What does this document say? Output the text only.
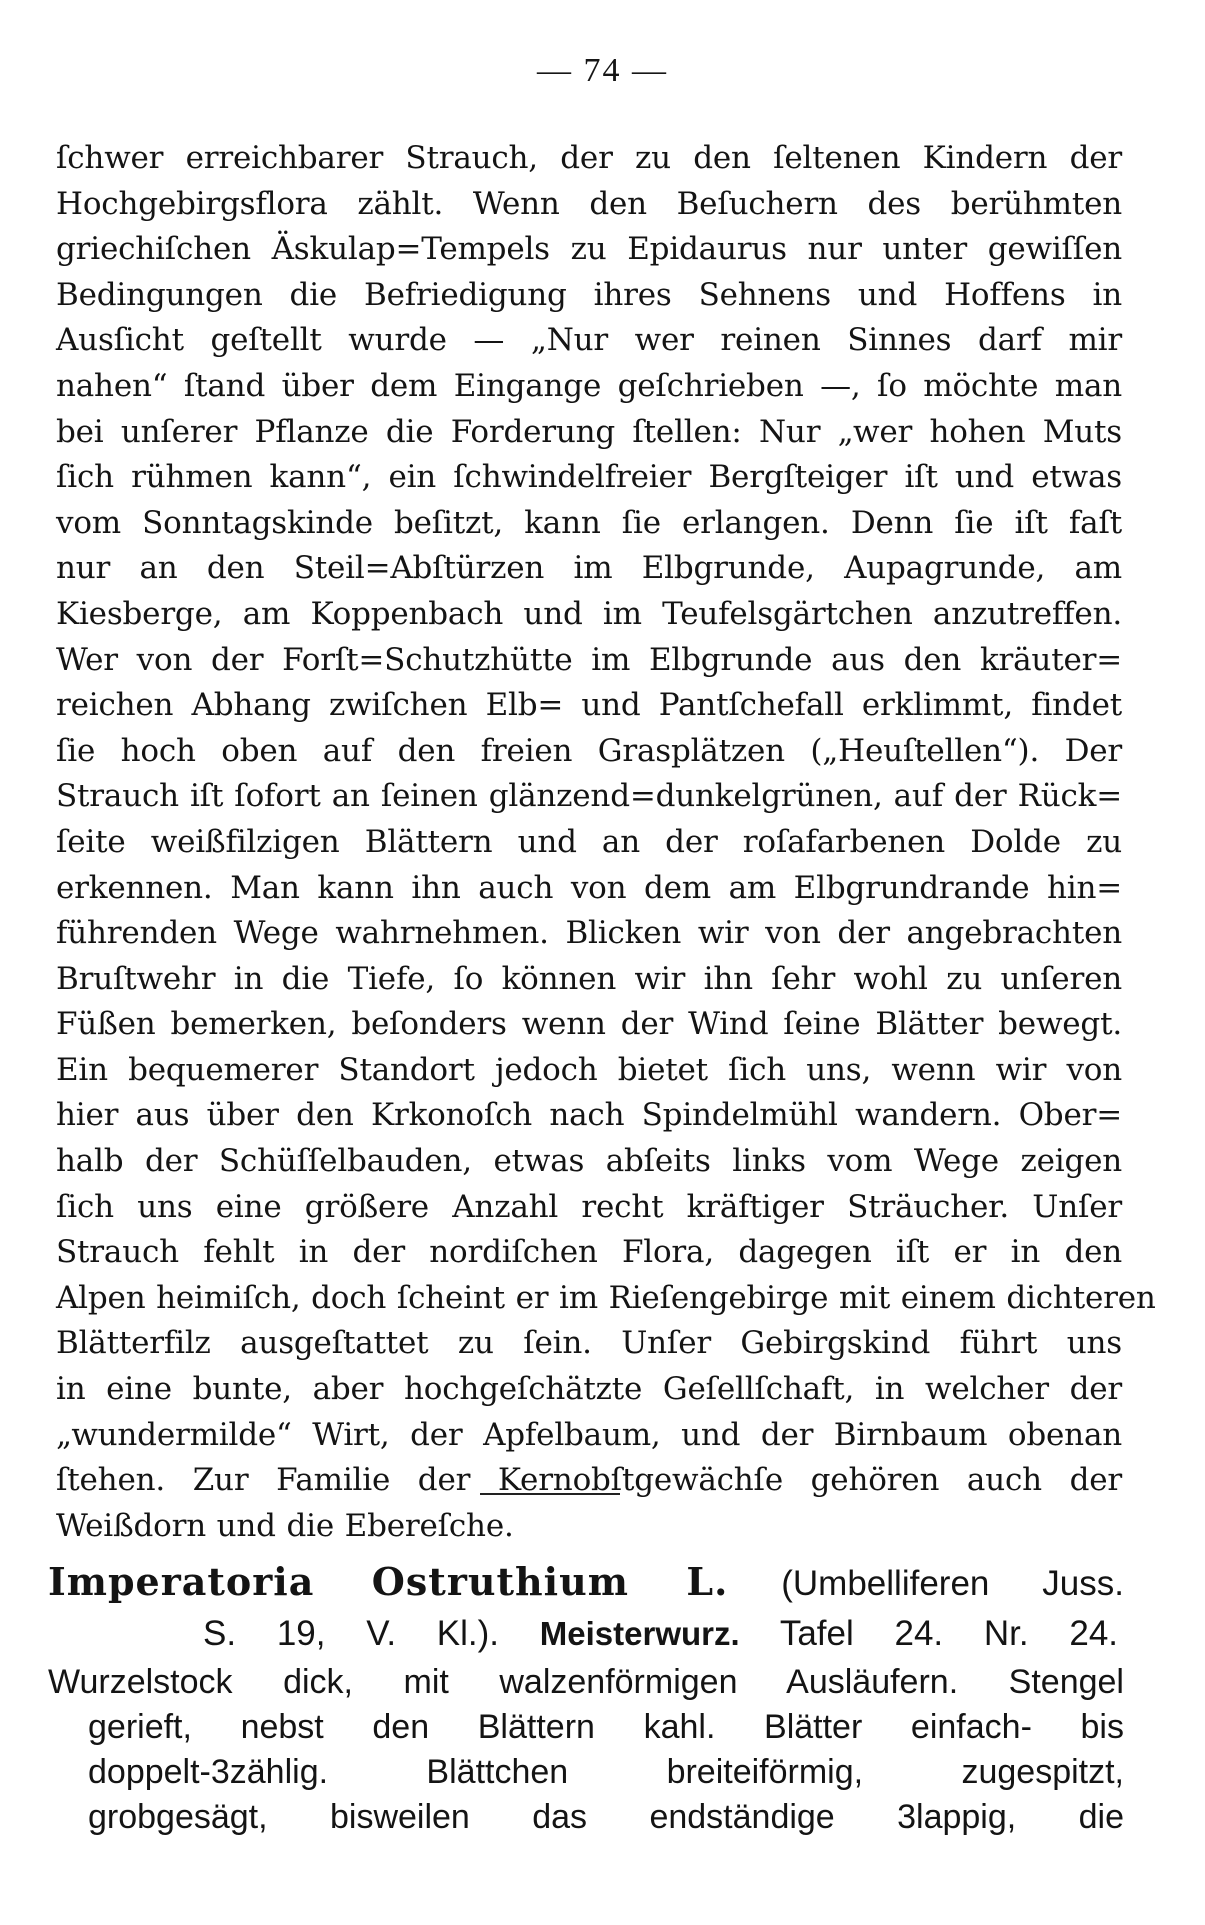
— 74 —
ſchwer erreichbarer Strauch, der zu den ſeltenen Kindern der
Hochgebirgsflora zählt. Wenn den Beſuchern des berühmten
griechiſchen Äskulap=Tempels zu Epidaurus nur unter gewiſſen
Bedingungen die Befriedigung ihres Sehnens und Hoffens in
Ausſicht geſtellt wurde — „Nur wer reinen Sinnes darf mir
nahen“ ſtand über dem Eingange geſchrieben —, ſo möchte man
bei unſerer Pflanze die Forderung ſtellen: Nur „wer hohen Muts
ſich rühmen kann“, ein ſchwindelfreier Bergſteiger iſt und etwas
vom Sonntagskinde beſitzt, kann ſie erlangen. Denn ſie iſt faſt
nur an den Steil=Abſtürzen im Elbgrunde, Aupagrunde, am
Kiesberge, am Koppenbach und im Teufelsgärtchen anzutreffen.
Wer von der Forſt=Schutzhütte im Elbgrunde aus den kräuter=
reichen Abhang zwiſchen Elb= und Pantſchefall erklimmt, findet
ſie hoch oben auf den freien Grasplätzen („Heuſtellen“). Der
Strauch iſt ſofort an ſeinen glänzend=dunkelgrünen, auf der Rück=
ſeite weißfilzigen Blättern und an der roſafarbenen Dolde zu
erkennen. Man kann ihn auch von dem am Elbgrundrande hin=
führenden Wege wahrnehmen. Blicken wir von der angebrachten
Bruſtwehr in die Tiefe, ſo können wir ihn ſehr wohl zu unſeren
Füßen bemerken, beſonders wenn der Wind ſeine Blätter bewegt.
Ein bequemerer Standort jedoch bietet ſich uns, wenn wir von
hier aus über den Krkonoſch nach Spindelmühl wandern. Ober=
halb der Schüſſelbauden, etwas abſeits links vom Wege zeigen
ſich uns eine größere Anzahl recht kräftiger Sträucher. Unſer
Strauch fehlt in der nordiſchen Flora, dagegen iſt er in den
Alpen heimiſch, doch ſcheint er im Rieſengebirge mit einem dichteren
Blätterfilz ausgeſtattet zu ſein. Unſer Gebirgskind führt uns
in eine bunte, aber hochgeſchätzte Geſellſchaft, in welcher der
„wundermilde“ Wirt, der Apfelbaum, und der Birnbaum obenan
ſtehen. Zur Familie der Kernobſtgewächſe gehören auch der
Weißdorn und die Ebereſche.
Imperatoria Ostruthium L. (Umbelliferen Juss.
S. 19, V. Kl.). Meisterwurz. Tafel 24. Nr. 24.
Wurzelstock dick, mit walzenförmigen Ausläufern. Stengel
gerieft, nebst den Blättern kahl. Blätter einfach- bis
doppelt-3zählig. Blättchen breiteiförmig, zugespitzt,
grobgesägt, bisweilen das endständige 3lappig, die
